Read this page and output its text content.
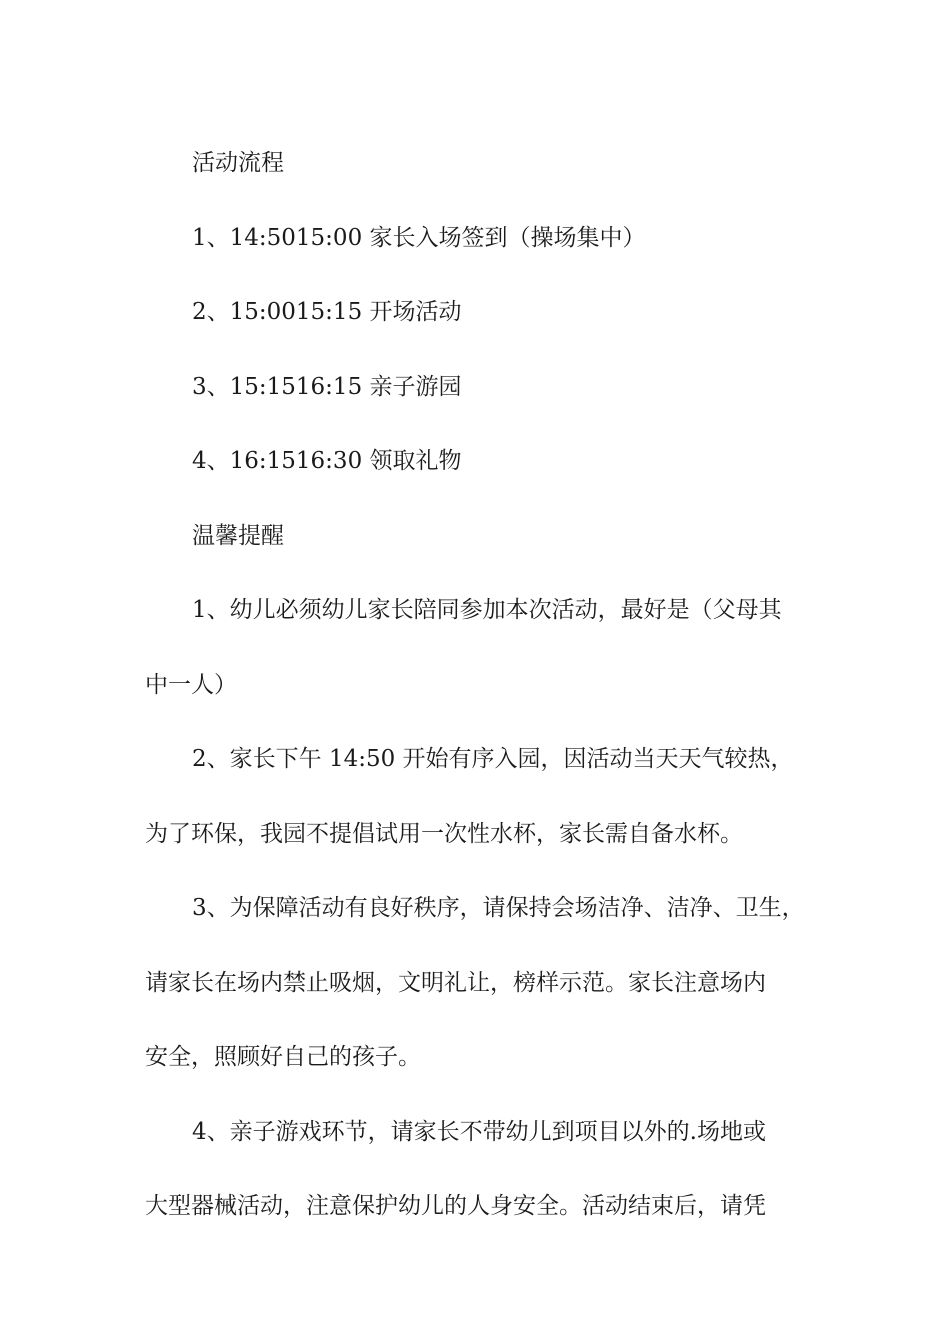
活动流程

1、14:5015:00 家长入场签到（操场集中）

2、15:0015:15 开场活动

3、15:1516:15 亲子游园

4、16:1516:30 领取礼物

温馨提醒

1、幼儿必须幼儿家长陪同参加本次活动，最好是（父母其

中一人）

2、家长下午 14:50 开始有序入园，因活动当天天气较热，

为了环保，我园不提倡试用一次性水杯，家长需自备水杯。

3、为保障活动有良好秩序，请保持会场洁净、洁净、卫生，

请家长在场内禁止吸烟，文明礼让，榜样示范。家长注意场内

安全，照顾好自己的孩子。

4、亲子游戏环节，请家长不带幼儿到项目以外的.场地或

大型器械活动，注意保护幼儿的人身安全。活动结束后，请凭
